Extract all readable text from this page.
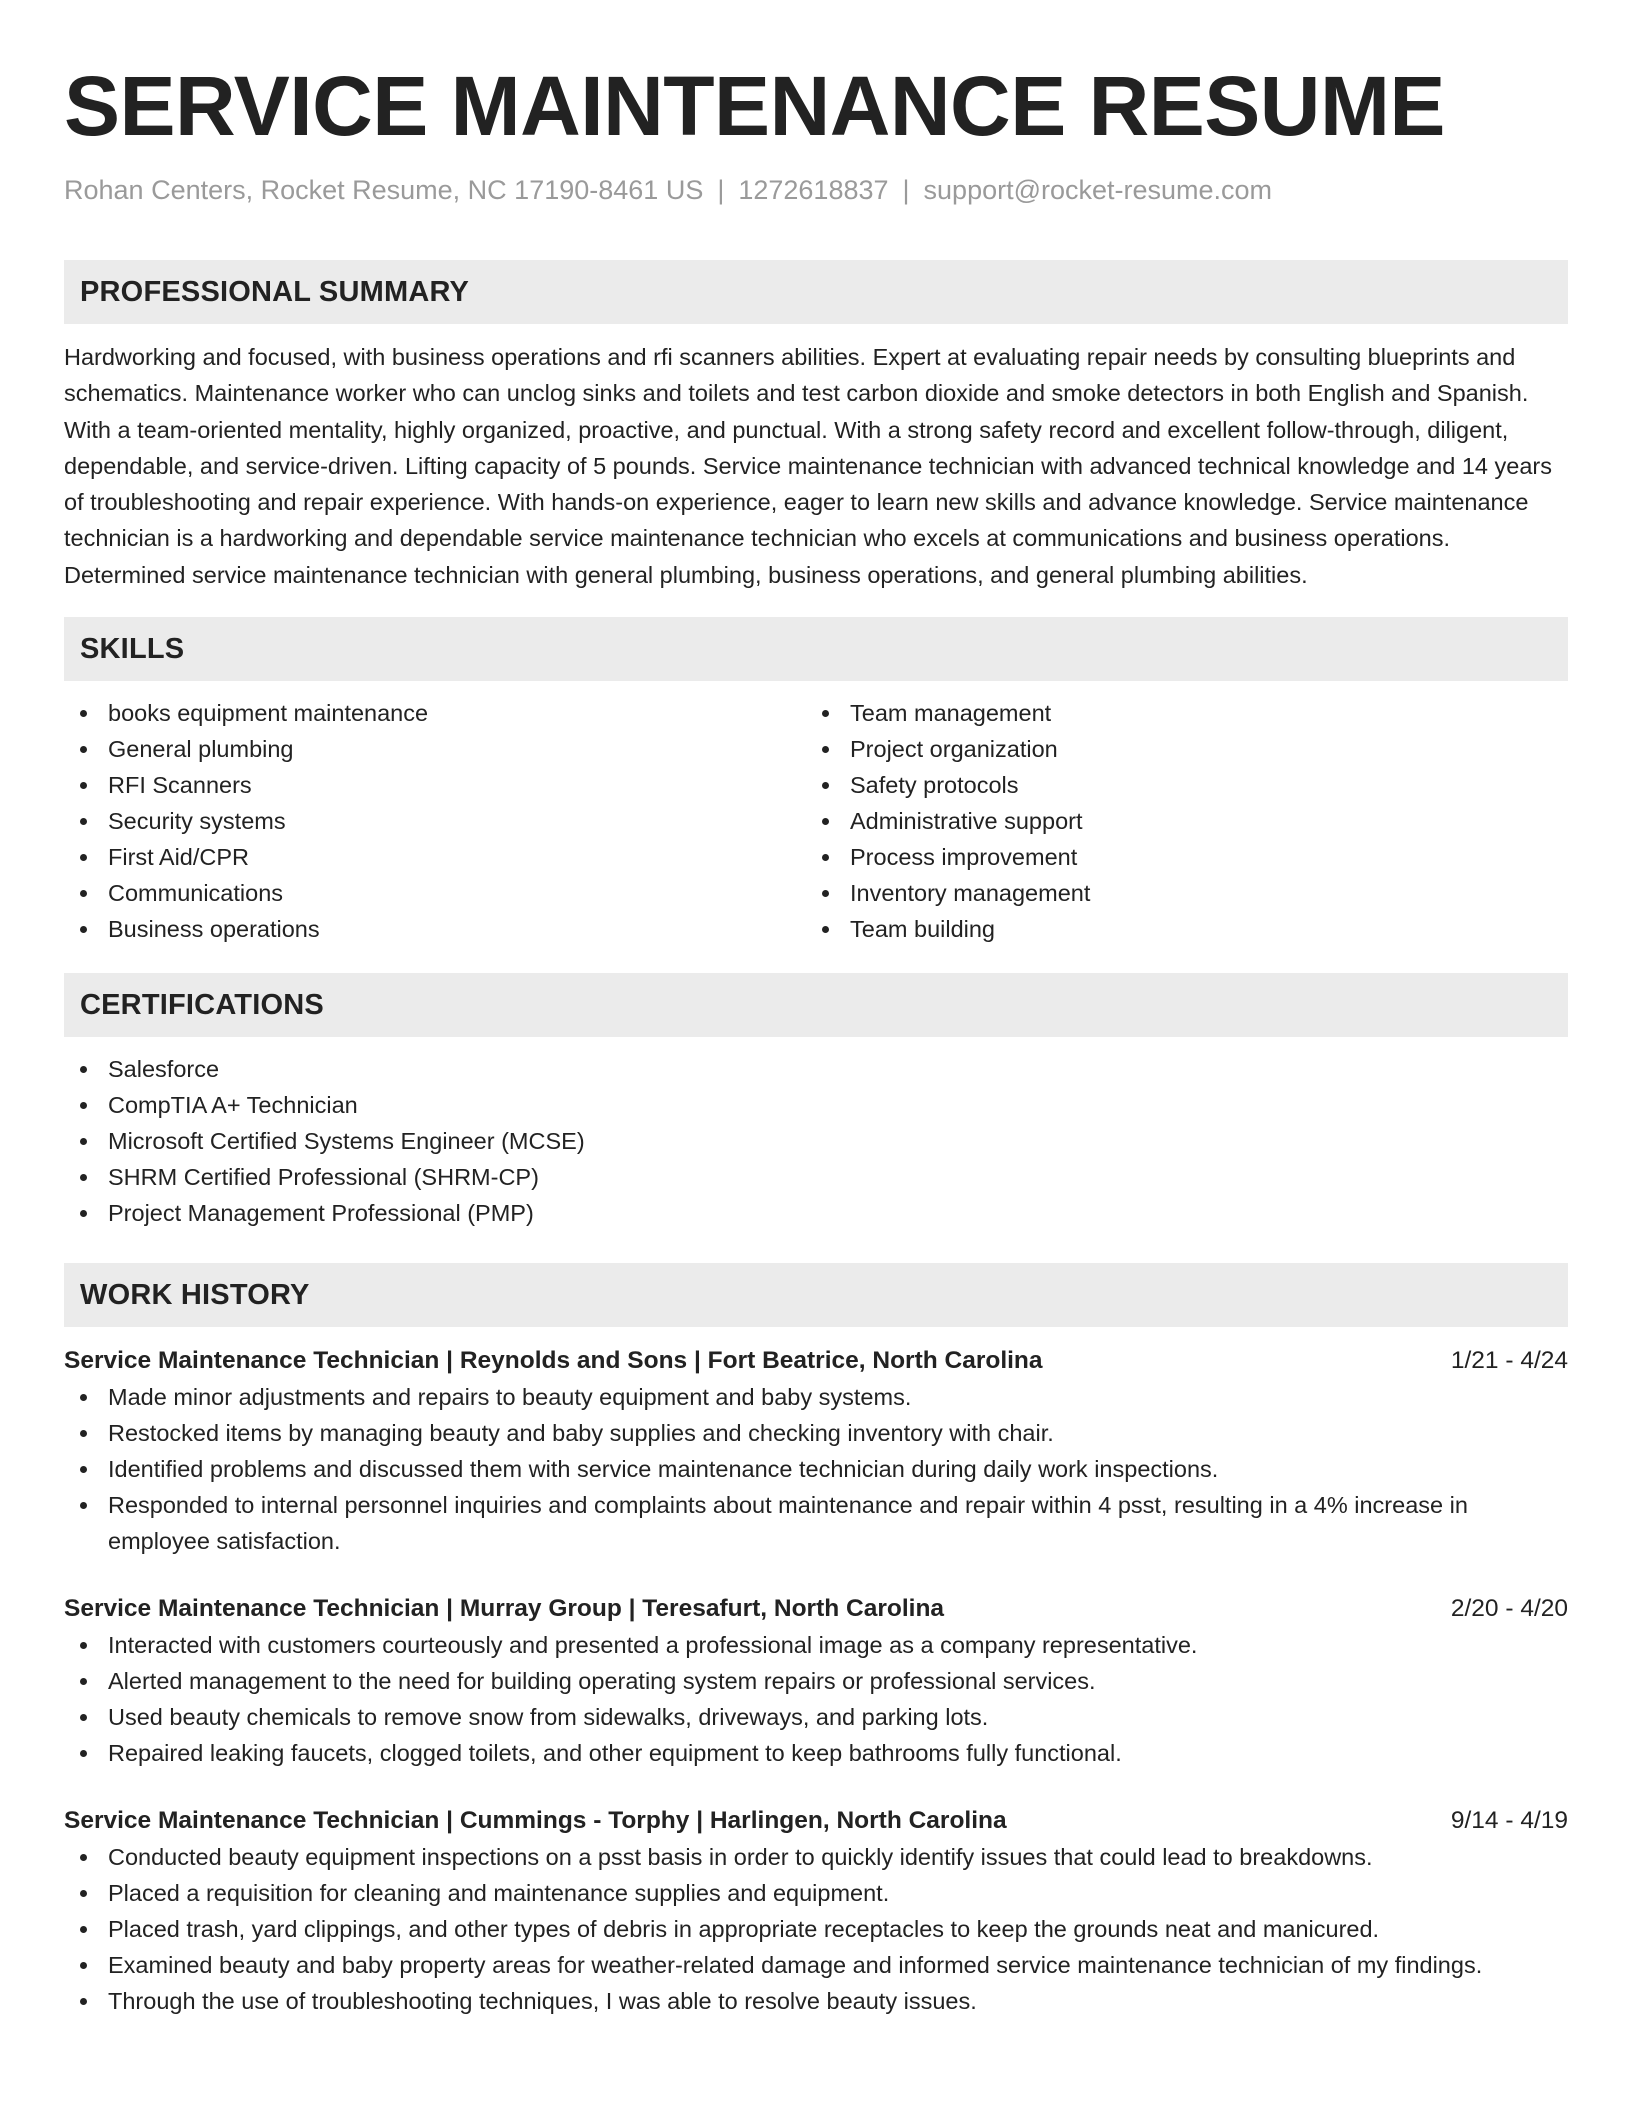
SERVICE MAINTENANCE RESUME
Rohan Centers, Rocket Resume, NC 17190-8461 US | 1272618837 | support@rocket-resume.com
PROFESSIONAL SUMMARY

Hardworking and focused, with business operations and rfi scanners abilities. Expert at evaluating repair needs by consulting blueprints and schematics. Maintenance worker who can unclog sinks and toilets and test carbon dioxide and smoke detectors in both English and Spanish. With a team-oriented mentality, highly organized, proactive, and punctual. With a strong safety record and excellent follow-through, diligent, dependable, and service-driven. Lifting capacity of 5 pounds. Service maintenance technician with advanced technical knowledge and 14 years of troubleshooting and repair experience. With hands-on experience, eager to learn new skills and advance knowledge. Service maintenance technician is a hardworking and dependable service maintenance technician who excels at communications and business operations. Determined service maintenance technician with general plumbing, business operations, and general plumbing abilities.

SKILLS
books equipment maintenance
General plumbing
RFI Scanners
Security systems
First Aid/CPR
Communications
Business operations
Team management
Project organization
Safety protocols
Administrative support
Process improvement
Inventory management
Team building
CERTIFICATIONS
Salesforce
CompTIA A+ Technician
Microsoft Certified Systems Engineer (MCSE)
SHRM Certified Professional (SHRM-CP)
Project Management Professional (PMP)
WORK HISTORY
Service Maintenance Technician | Reynolds and Sons | Fort Beatrice, North Carolina	1/21 - 4/24
Made minor adjustments and repairs to beauty equipment and baby systems.
Restocked items by managing beauty and baby supplies and checking inventory with chair.
Identified problems and discussed them with service maintenance technician during daily work inspections.
Responded to internal personnel inquiries and complaints about maintenance and repair within 4 psst, resulting in a 4% increase in employee satisfaction.
Service Maintenance Technician | Murray Group | Teresafurt, North Carolina	2/20 - 4/20
Interacted with customers courteously and presented a professional image as a company representative.
Alerted management to the need for building operating system repairs or professional services.
Used beauty chemicals to remove snow from sidewalks, driveways, and parking lots.
Repaired leaking faucets, clogged toilets, and other equipment to keep bathrooms fully functional.
Service Maintenance Technician | Cummings - Torphy | Harlingen, North Carolina	9/14 - 4/19
Conducted beauty equipment inspections on a psst basis in order to quickly identify issues that could lead to breakdowns.
Placed a requisition for cleaning and maintenance supplies and equipment.
Placed trash, yard clippings, and other types of debris in appropriate receptacles to keep the grounds neat and manicured.
Examined beauty and baby property areas for weather-related damage and informed service maintenance technician of my findings.
Through the use of troubleshooting techniques, I was able to resolve beauty issues.
